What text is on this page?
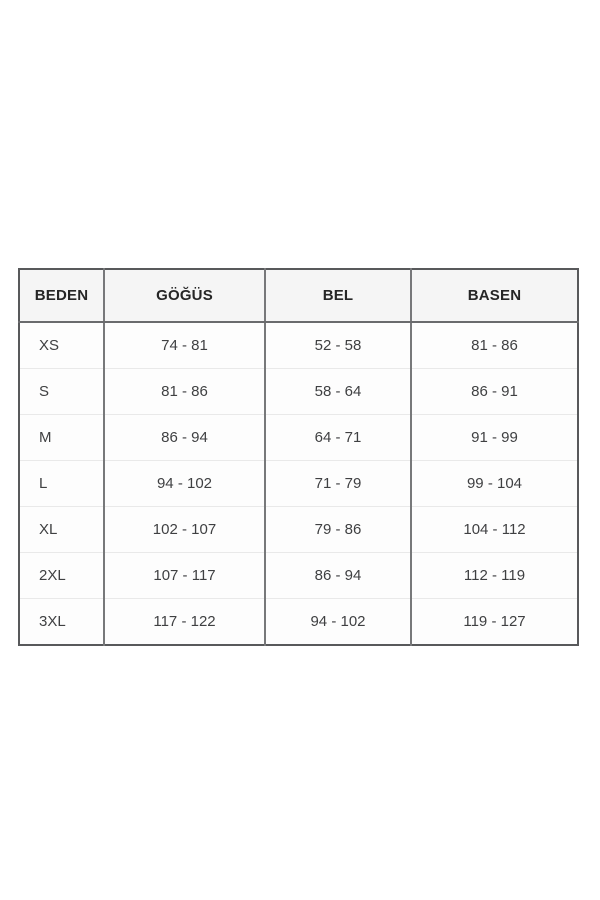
BEDEN	GÖĞÜS	BEL	BASEN
XS	74 - 81	52 - 58	81 - 86
S	81 - 86	58 - 64	86 - 91
M	86 - 94	64 - 71	91 - 99
L	94 - 102	71 - 79	99 - 104
XL	102 - 107	79 - 86	104 - 112
2XL	107 - 117	86 - 94	112 - 119
3XL	117 - 122	94 - 102	119 - 127
